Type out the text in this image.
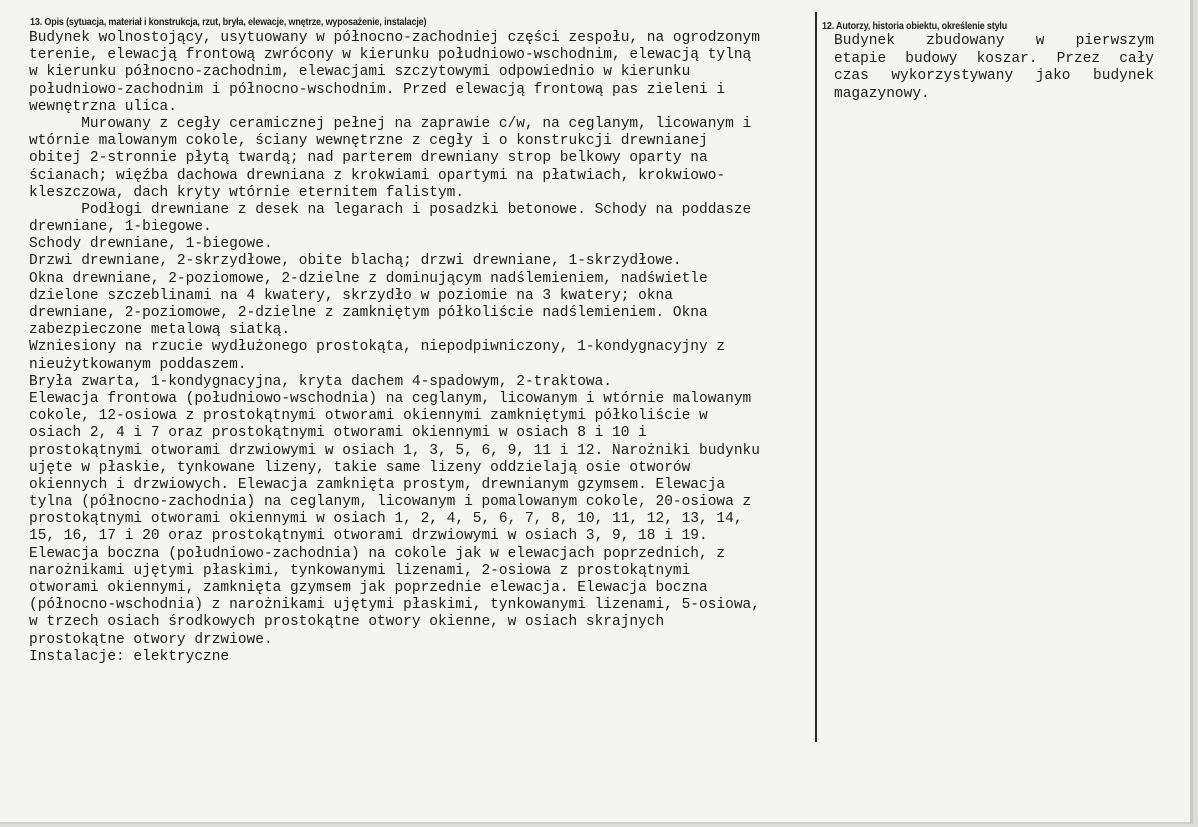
13. Opis (sytuacja, materiał i konstrukcja, rzut, bryła, elewacje, wnętrze, wyposażenie, instalacje)	12. Autorzy, historia obiektu, określenie stylu
Budynek wolnostojący, usytuowany w północno-zachodniej części zespołu, na ogrodzonym
terenie, elewacją frontową zwrócony w kierunku południowo-wschodnim, elewacją tylną
w kierunku północno-zachodnim, elewacjami szczytowymi odpowiednio w kierunku
południowo-zachodnim i północno-wschodnim. Przed elewacją frontową pas zieleni i
wewnętrzna ulica.
Murowany z cegły ceramicznej pełnej na zaprawie c/w, na ceglanym, licowanym i
wtórnie malowanym cokole, ściany wewnętrzne z cegły i o konstrukcji drewnianej
obitej 2-stronnie płytą twardą; nad parterem drewniany strop belkowy oparty na
ścianach; więźba dachowa drewniana z krokwiami opartymi na płatwiach, krokwiowo-
kleszczowa, dach kryty wtórnie eternitem falistym.
Podłogi drewniane z desek na legarach i posadzki betonowe. Schody na poddasze
drewniane, 1-biegowe.
Schody drewniane, 1-biegowe.
Drzwi drewniane, 2-skrzydłowe, obite blachą; drzwi drewniane, 1-skrzydłowe.
Okna drewniane, 2-poziomowe, 2-dzielne z dominującym nadślemieniem, nadświetle
dzielone szczeblinami na 4 kwatery, skrzydło w poziomie na 3 kwatery; okna
drewniane, 2-poziomowe, 2-dzielne z zamkniętym półkoliście nadślemieniem. Okna
zabezpieczone metalową siatką.
Wzniesiony na rzucie wydłużonego prostokąta, niepodpiwniczony, 1-kondygnacyjny z
nieużytkowanym poddaszem.
Bryła zwarta, 1-kondygnacyjna, kryta dachem 4-spadowym, 2-traktowa.
Elewacja frontowa (południowo-wschodnia) na ceglanym, licowanym i wtórnie malowanym
cokole, 12-osiowa z prostokątnymi otworami okiennymi zamkniętymi półkoliście w
osiach 2, 4 i 7 oraz prostokątnymi otworami okiennymi w osiach 8 i 10 i
prostokątnymi otworami drzwiowymi w osiach 1, 3, 5, 6, 9, 11 i 12. Narożniki budynku
ujęte w płaskie, tynkowane lizeny, takie same lizeny oddzielają osie otworów
okiennych i drzwiowych. Elewacja zamknięta prostym, drewnianym gzymsem. Elewacja
tylna (północno-zachodnia) na ceglanym, licowanym i pomalowanym cokole, 20-osiowa z
prostokątnymi otworami okiennymi w osiach 1, 2, 4, 5, 6, 7, 8, 10, 11, 12, 13, 14,
15, 16, 17 i 20 oraz prostokątnymi otworami drzwiowymi w osiach 3, 9, 18 i 19.
Elewacja boczna (południowo-zachodnia) na cokole jak w elewacjach poprzednich, z
narożnikami ujętymi płaskimi, tynkowanymi lizenami, 2-osiowa z prostokątnymi
otworami okiennymi, zamknięta gzymsem jak poprzednie elewacja. Elewacja boczna
(północno-wschodnia) z narożnikami ujętymi płaskimi, tynkowanymi lizenami, 5-osiowa,
w trzech osiach środkowych prostokątne otwory okienne, w osiach skrajnych
prostokątne otwory drzwiowe.
Instalacje: elektryczne
Budynek zbudowany w pierwszym
etapie budowy koszar. Przez cały
czas wykorzystywany jako budynek
magazynowy.
